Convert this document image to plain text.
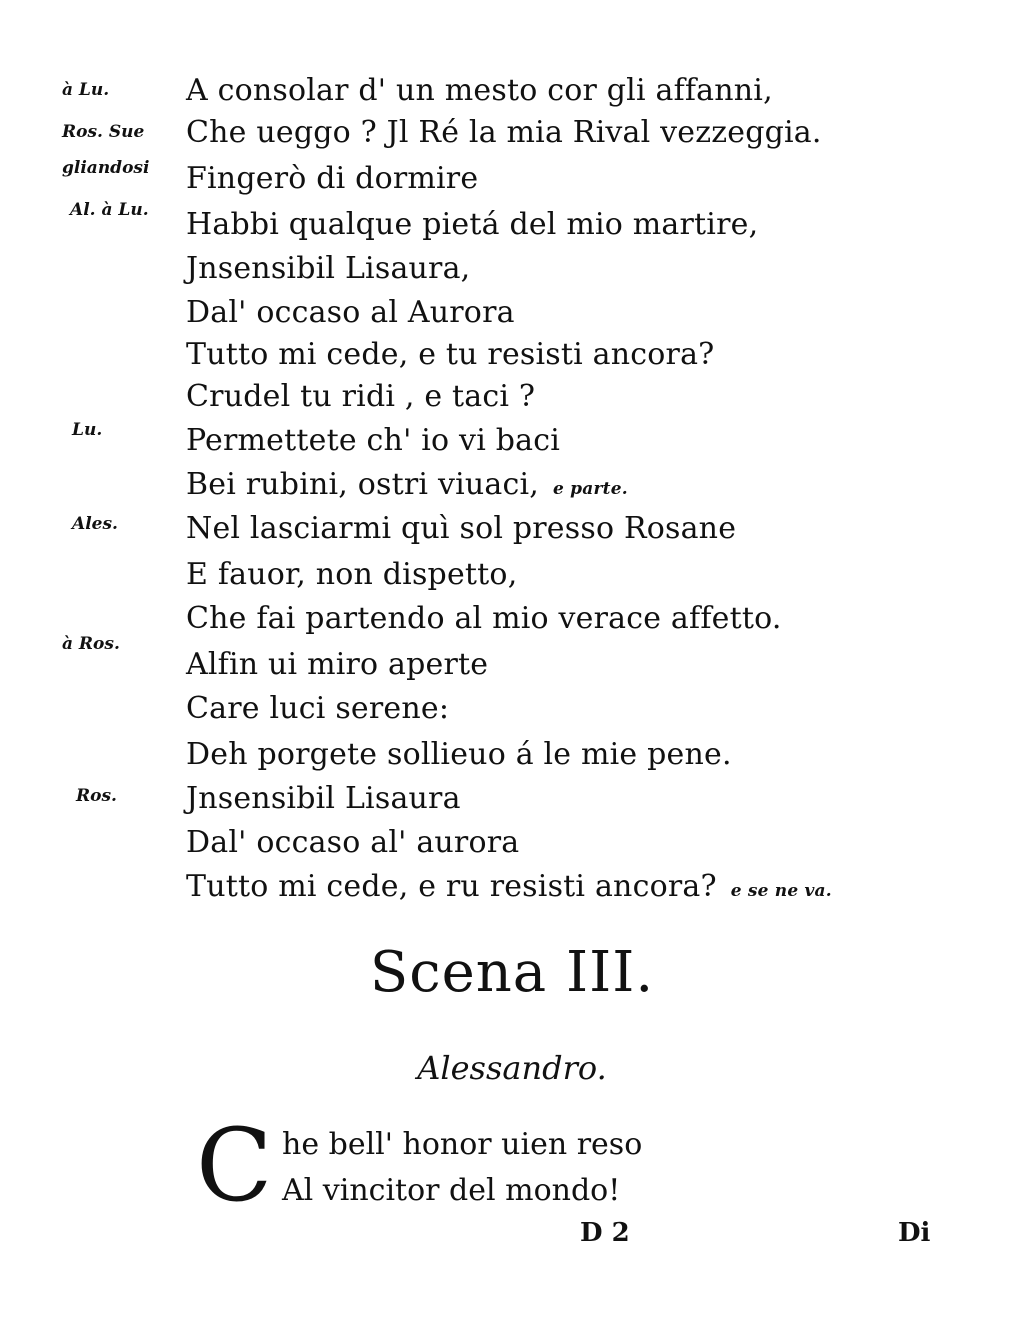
à Lu.
Ros. Sue
gliandosi
Al. à Lu.
Lu.
Ales.
à Ros.
Ros.
A consolar d' un mesto cor gli affanni,
Che ueggo ? Jl Ré la mia Rival vezzeggia.
Fingerò di dormire
Habbi qualque pietá del mio martire,
Jnsensibil Lisaura,
Dal' occaso al Aurora
Tutto mi cede, e tu resisti ancora?
Crudel tu ridi , e taci ?
Permettete ch' io vi baci
Bei rubini, ostri viuaci, e parte.
Nel lasciarmi quì sol presso Rosane
E fauor, non dispetto,
Che fai partendo al mio verace affetto.
Alfin ui miro aperte
Care luci serene:
Deh porgete sollieuo á le mie pene.
Jnsensibil Lisaura
Dal' occaso al' aurora
Tutto mi cede, e ru resisti ancora? e se ne va.
Scena III.
Alessandro.
C he bell' honor uien reso
Al vincitor del mondo!
D 2	Di
